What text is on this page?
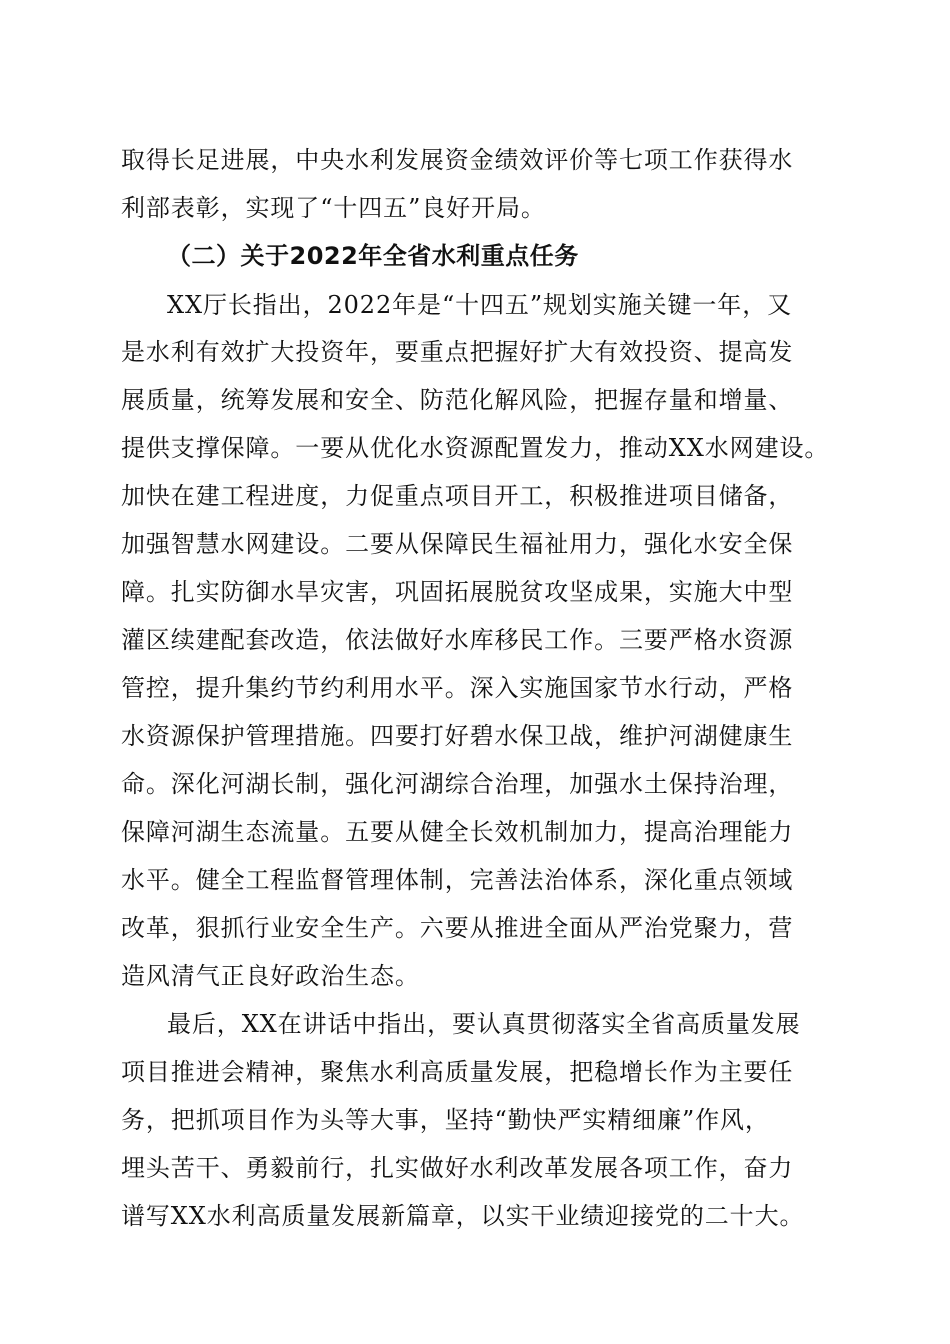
取得长足进展，中央水利发展资金绩效评价等七项工作获得水
利部表彰，实现了“十四五”良好开局。
（二）关于2022年全省水利重点任务
XX厅长指出，2022年是“十四五”规划实施关键一年，又
是水利有效扩大投资年，要重点把握好扩大有效投资、提高发
展质量，统筹发展和安全、防范化解风险，把握存量和增量、
提供支撑保障。一要从优化水资源配置发力，推动XX水网建设。
加快在建工程进度，力促重点项目开工，积极推进项目储备，
加强智慧水网建设。二要从保障民生福祉用力，强化水安全保
障。扎实防御水旱灾害，巩固拓展脱贫攻坚成果，实施大中型
灌区续建配套改造，依法做好水库移民工作。三要严格水资源
管控，提升集约节约利用水平。深入实施国家节水行动，严格
水资源保护管理措施。四要打好碧水保卫战，维护河湖健康生
命。深化河湖长制，强化河湖综合治理，加强水土保持治理，
保障河湖生态流量。五要从健全长效机制加力，提高治理能力
水平。健全工程监督管理体制，完善法治体系，深化重点领域
改革，狠抓行业安全生产。六要从推进全面从严治党聚力，营
造风清气正良好政治生态。
最后，XX在讲话中指出，要认真贯彻落实全省高质量发展
项目推进会精神，聚焦水利高质量发展，把稳增长作为主要任
务，把抓项目作为头等大事，坚持“勤快严实精细廉”作风，
埋头苦干、勇毅前行，扎实做好水利改革发展各项工作，奋力
谱写XX水利高质量发展新篇章，以实干业绩迎接党的二十大。
